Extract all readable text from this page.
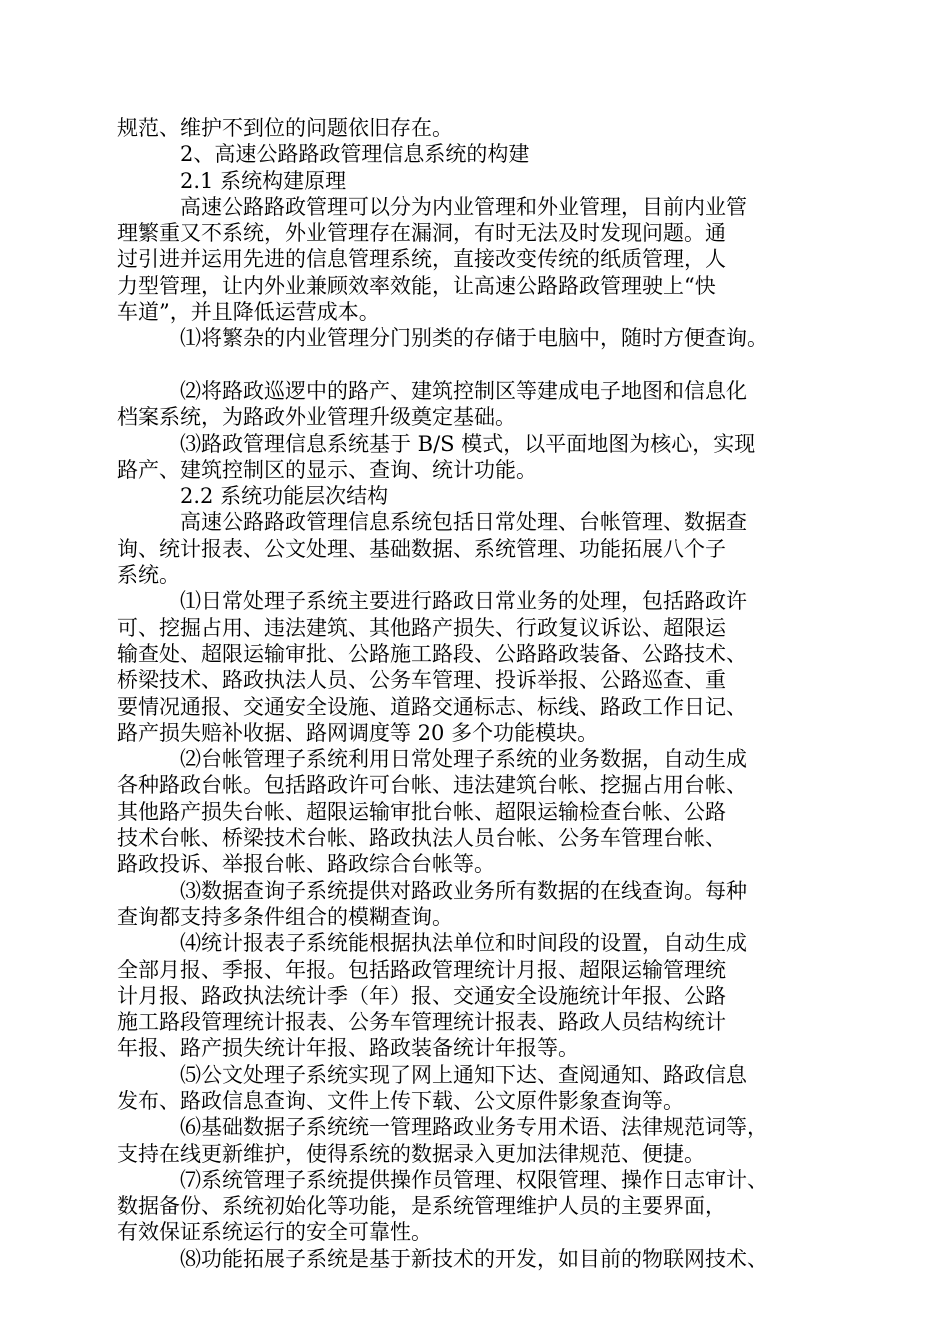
规范、维护不到位的问题依旧存在。
2、高速公路路政管理信息系统的构建
2.1 系统构建原理
高速公路路政管理可以分为内业管理和外业管理，目前内业管
理繁重又不系统，外业管理存在漏洞，有时无法及时发现问题。通
过引进并运用先进的信息管理系统，直接改变传统的纸质管理，人
力型管理，让内外业兼顾效率效能，让高速公路路政管理驶上“快
车道”，并且降低运营成本。
⑴将繁杂的内业管理分门别类的存储于电脑中，随时方便查询。
⑵将路政巡逻中的路产、建筑控制区等建成电子地图和信息化
档案系统，为路政外业管理升级奠定基础。
⑶路政管理信息系统基于 B/S 模式，以平面地图为核心，实现
路产、建筑控制区的显示、查询、统计功能。
2.2 系统功能层次结构
高速公路路政管理信息系统包括日常处理、台帐管理、数据查
询、统计报表、公文处理、基础数据、系统管理、功能拓展八个子
系统。
⑴日常处理子系统主要进行路政日常业务的处理，包括路政许
可、挖掘占用、违法建筑、其他路产损失、行政复议诉讼、超限运
输查处、超限运输审批、公路施工路段、公路路政装备、公路技术、
桥梁技术、路政执法人员、公务车管理、投诉举报、公路巡查、重
要情况通报、交通安全设施、道路交通标志、标线、路政工作日记、
路产损失赔补收据、路网调度等 20 多个功能模块。
⑵台帐管理子系统利用日常处理子系统的业务数据，自动生成
各种路政台帐。包括路政许可台帐、违法建筑台帐、挖掘占用台帐、
其他路产损失台帐、超限运输审批台帐、超限运输检查台帐、公路
技术台帐、桥梁技术台帐、路政执法人员台帐、公务车管理台帐、
路政投诉、举报台帐、路政综合台帐等。
⑶数据查询子系统提供对路政业务所有数据的在线查询。每种
查询都支持多条件组合的模糊查询。
⑷统计报表子系统能根据执法单位和时间段的设置，自动生成
全部月报、季报、年报。包括路政管理统计月报、超限运输管理统
计月报、路政执法统计季（年）报、交通安全设施统计年报、公路
施工路段管理统计报表、公务车管理统计报表、路政人员结构统计
年报、路产损失统计年报、路政装备统计年报等。
⑸公文处理子系统实现了网上通知下达、查阅通知、路政信息
发布、路政信息查询、文件上传下载、公文原件影象查询等。
⑹基础数据子系统统一管理路政业务专用术语、法律规范词等，
支持在线更新维护，使得系统的数据录入更加法律规范、便捷。
⑺系统管理子系统提供操作员管理、权限管理、操作日志审计、
数据备份、系统初始化等功能，是系统管理维护人员的主要界面，
有效保证系统运行的安全可靠性。
⑻功能拓展子系统是基于新技术的开发，如目前的物联网技术、
